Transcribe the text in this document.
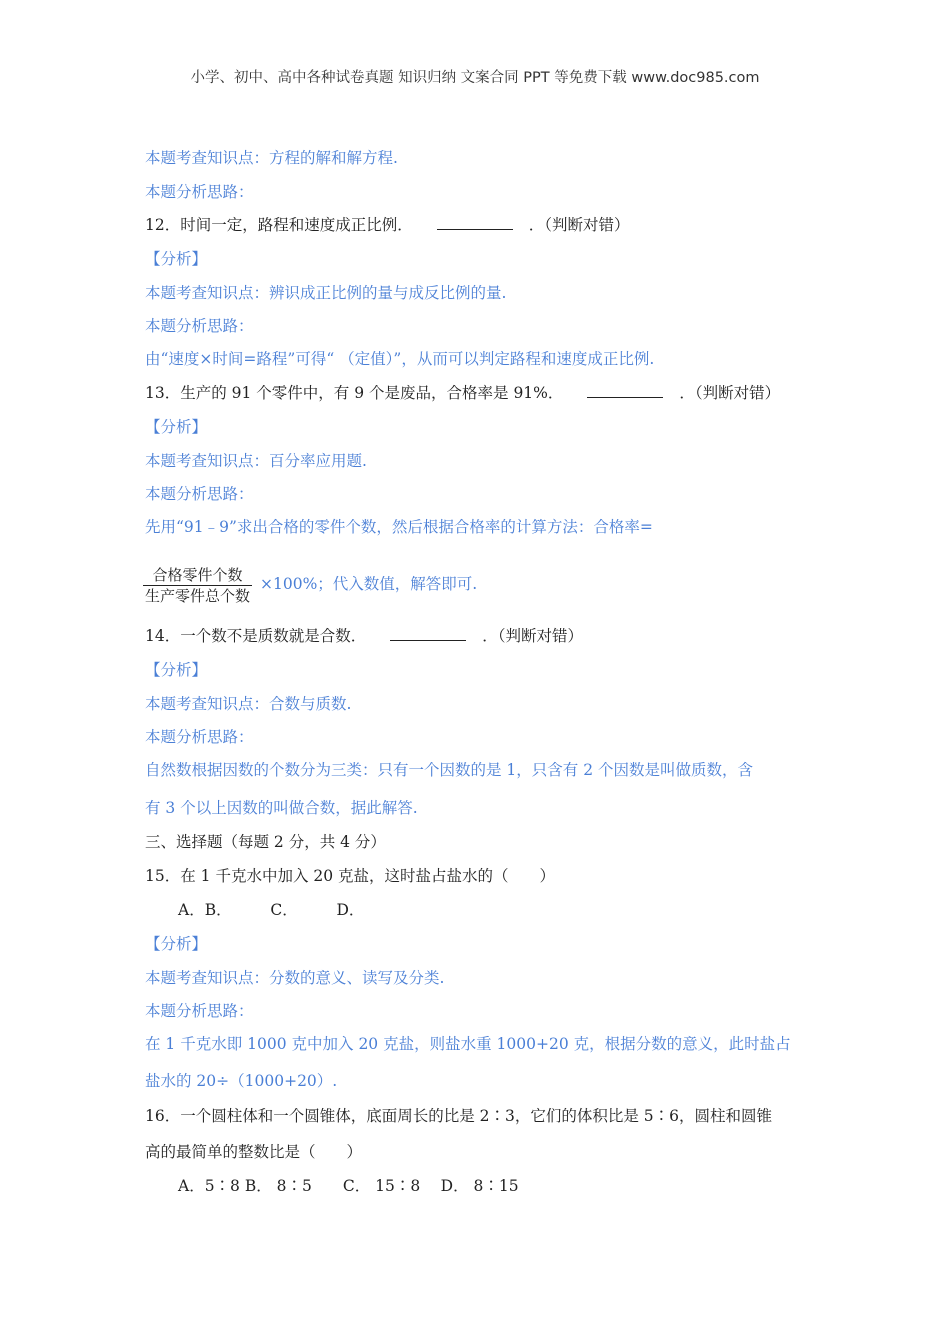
小学、初中、高中各种试卷真题 知识归纳 文案合同 PPT 等免费下载 www.doc985.com
本题考查知识点：方程的解和解方程.
本题分析思路：
12．时间一定，路程和速度成正比例．	．（判断对错）
【分析】
本题考查知识点：辨识成正比例的量与成反比例的量.
本题分析思路：
由“速度×时间=路程”可得“ （定值）”，从而可以判定路程和速度成正比例.
13．生产的 91 个零件中，有 9 个是废品，合格率是 91%．	．（判断对错）
【分析】
本题考查知识点：百分率应用题.
本题分析思路：
先用“91﹣9”求出合格的零件个数，然后根据合格率的计算方法：合格率=
合格零件个数
生产零件总个数
×100%；代入数值，解答即可.
14．一个数不是质数就是合数．	．（判断对错）
【分析】
本题考查知识点：合数与质数.
本题分析思路：
自然数根据因数的个数分为三类：只有一个因数的是 1，只含有 2 个因数是叫做质数，含
有 3 个以上因数的叫做合数，据此解答.
三、选择题（每题 2 分，共 4 分）
15．在 1 千克水中加入 20 克盐，这时盐占盐水的（　　）
A．B．　　　C．　　　D．
【分析】
本题考查知识点：分数的意义、读写及分类.
本题分析思路：
在 1 千克水即 1000 克中加入 20 克盐，则盐水重 1000+20 克，根据分数的意义，此时盐占
盐水的 20÷（1000+20）.
16．一个圆柱体和一个圆锥体，底面周长的比是 2∶3，它们的体积比是 5∶6，圆柱和圆锥
高的最简单的整数比是（　　）
A．5∶8 B． 8∶5　　C． 15∶8　 D． 8∶15
